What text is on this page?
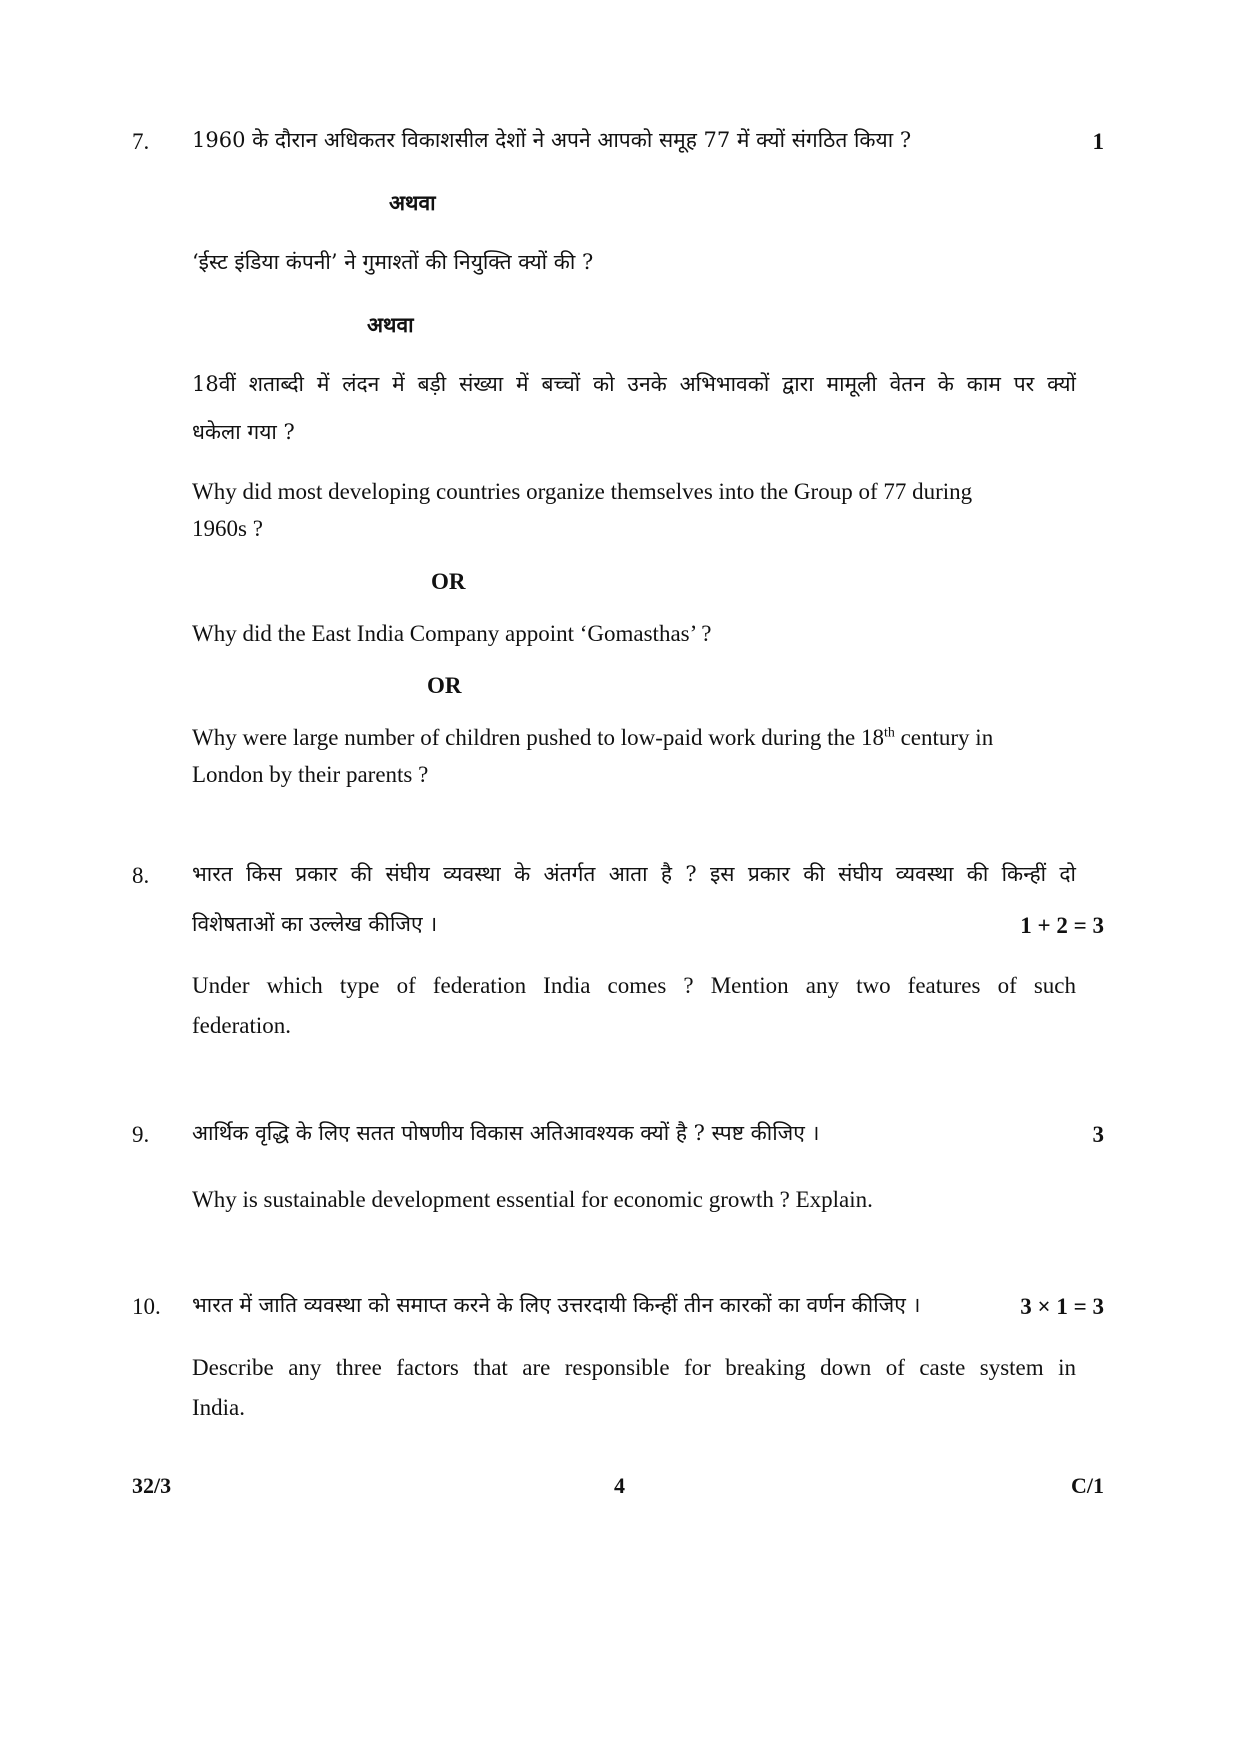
7. 1960 के दौरान अधिकतर विकाशसील देशों ने अपने आपको समूह 77 में क्यों संगठित किया ?	1
अथवा
‘ईस्ट इंडिया कंपनी’ ने गुमाश्तों की नियुक्ति क्यों की ?
अथवा
18वीं शताब्दी में लंदन में बड़ी संख्या में बच्चों को उनके अभिभावकों द्वारा मामूली वेतन के काम पर क्यों
धकेला गया ?
Why did most developing countries organize themselves into the Group of 77 during
1960s ?
OR
Why did the East India Company appoint ‘Gomasthas’ ?
OR
Why were large number of children pushed to low-paid work during the 18th century in
London by their parents ?
8. भारत किस प्रकार की संघीय व्यवस्था के अंतर्गत आता है ? इस प्रकार की संघीय व्यवस्था की किन्हीं दो
विशेषताओं का उल्लेख कीजिए ।	1 + 2 = 3
Under which type of federation India comes ? Mention any two features of such
federation.
9. आर्थिक वृद्धि के लिए सतत पोषणीय विकास अतिआवश्यक क्यों है ? स्पष्ट कीजिए ।	3
Why is sustainable development essential for economic growth ? Explain.
10. भारत में जाति व्यवस्था को समाप्त करने के लिए उत्तरदायी किन्हीं तीन कारकों का वर्णन कीजिए ।	3 × 1 = 3
Describe any three factors that are responsible for breaking down of caste system in
India.
32/3	4	C/1
